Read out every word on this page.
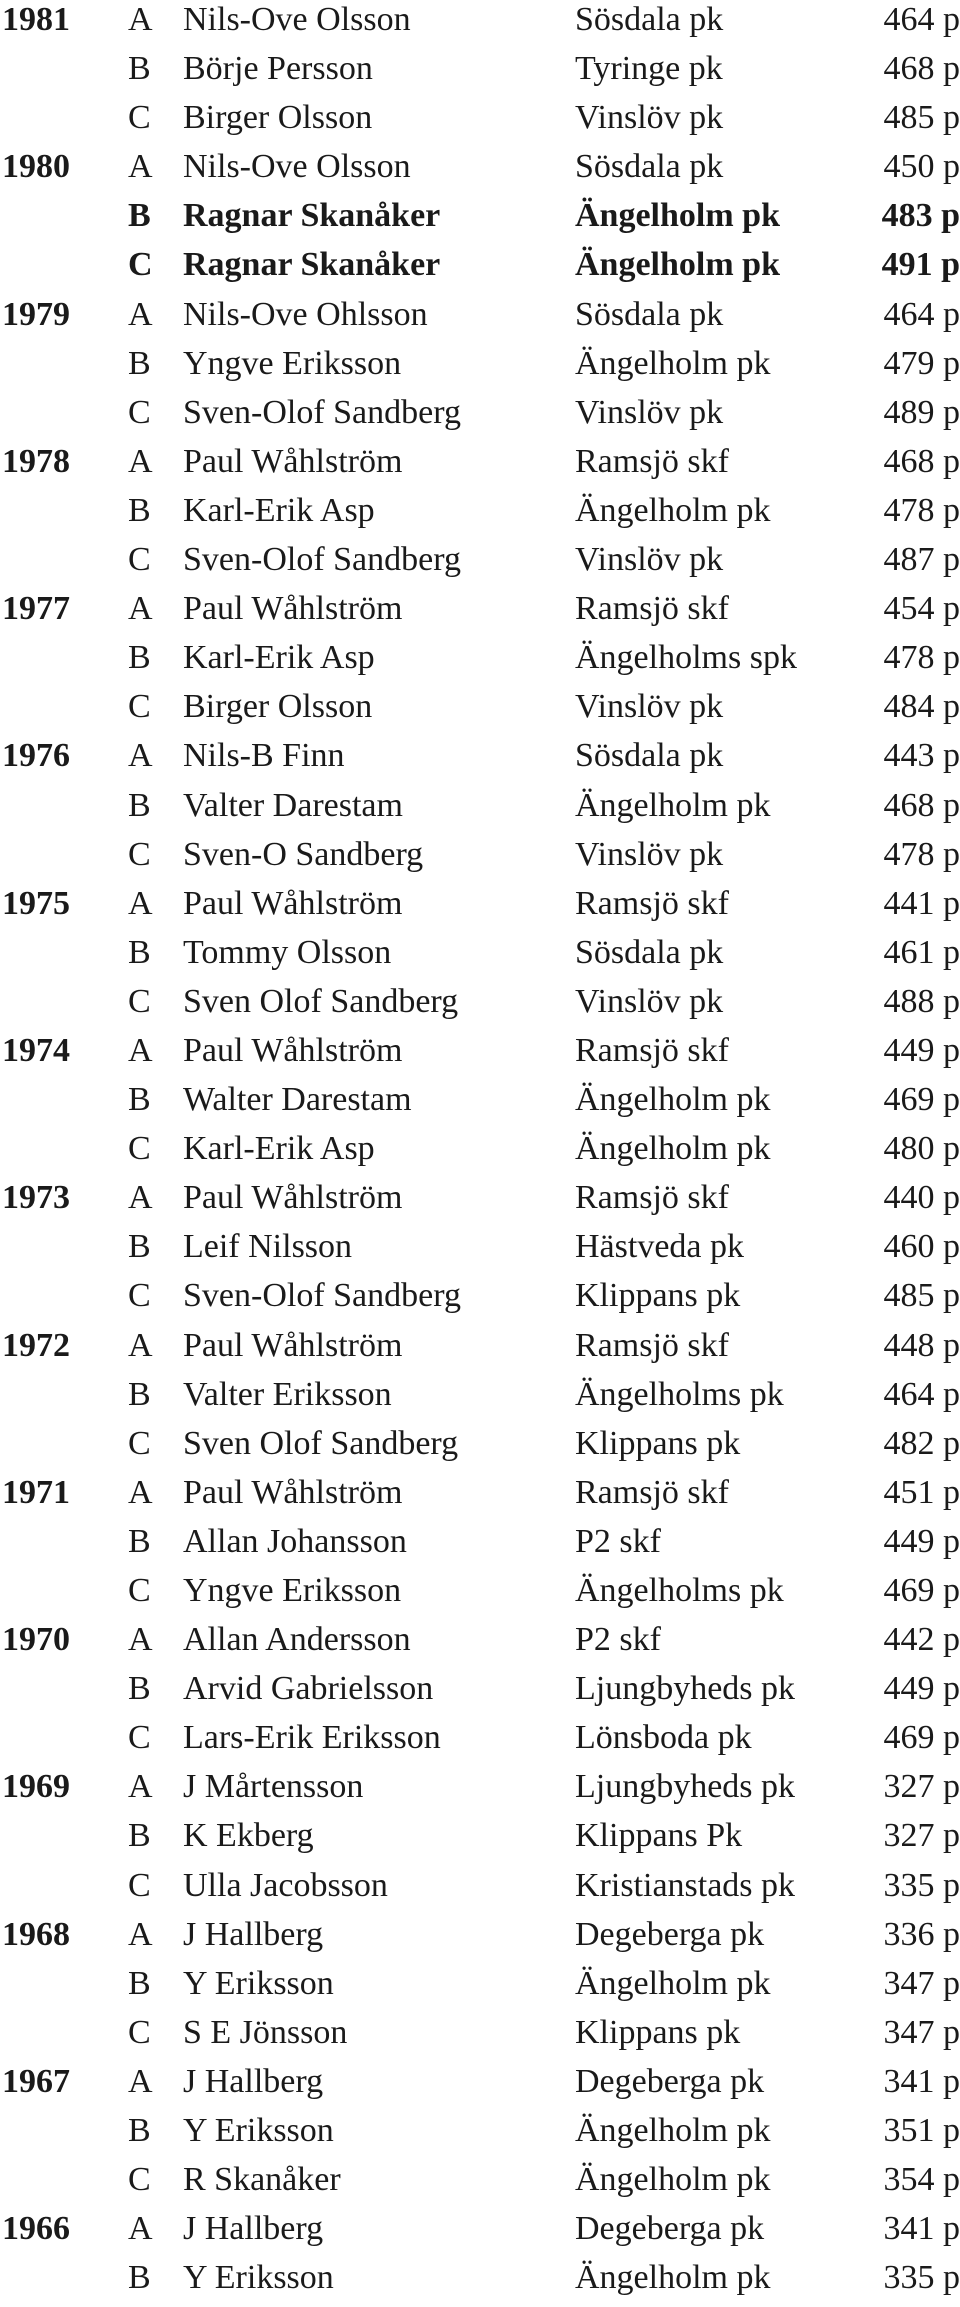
1981 A Nils-Ove Olsson	Sösdala pk	464 p
B Börje Persson	Tyringe pk	468 p
C Birger Olsson	Vinslöv pk	485 p
1980 A Nils-Ove Olsson	Sösdala pk	450 p
B Ragnar Skanåker	Ängelholm pk	483 p
C Ragnar Skanåker	Ängelholm pk	491 p
1979 A Nils-Ove Ohlsson	Sösdala pk	464 p
B Yngve Eriksson	Ängelholm pk	479 p
C Sven-Olof Sandberg	Vinslöv pk	489 p
1978 A Paul Wåhlström	Ramsjö skf	468 p
B Karl-Erik Asp	Ängelholm pk	478 p
C Sven-Olof Sandberg	Vinslöv pk	487 p
1977 A Paul Wåhlström	Ramsjö skf	454 p
B Karl-Erik Asp	Ängelholms spk	478 p
C Birger Olsson	Vinslöv pk	484 p
1976 A Nils-B Finn	Sösdala pk	443 p
B Valter Darestam	Ängelholm pk	468 p
C Sven-O Sandberg	Vinslöv pk	478 p
1975 A Paul Wåhlström	Ramsjö skf	441 p
B Tommy Olsson	Sösdala pk	461 p
C Sven Olof Sandberg	Vinslöv pk	488 p
1974 A Paul Wåhlström	Ramsjö skf	449 p
B Walter Darestam	Ängelholm pk	469 p
C Karl-Erik Asp	Ängelholm pk	480 p
1973 A Paul Wåhlström	Ramsjö skf	440 p
B Leif Nilsson	Hästveda pk	460 p
C Sven-Olof Sandberg	Klippans pk	485 p
1972 A Paul Wåhlström	Ramsjö skf	448 p
B Valter Eriksson	Ängelholms pk	464 p
C Sven Olof Sandberg	Klippans pk	482 p
1971 A Paul Wåhlström	Ramsjö skf	451 p
B Allan Johansson	P2 skf	449 p
C Yngve Eriksson	Ängelholms pk	469 p
1970 A Allan Andersson	P2 skf	442 p
B Arvid Gabrielsson	Ljungbyheds pk	449 p
C Lars-Erik Eriksson	Lönsboda pk	469 p
1969 A J Mårtensson	Ljungbyheds pk	327 p
B K Ekberg	Klippans Pk	327 p
C Ulla Jacobsson	Kristianstads pk	335 p
1968 A J Hallberg	Degeberga pk	336 p
B Y Eriksson	Ängelholm pk	347 p
C S E Jönsson	Klippans pk	347 p
1967 A J Hallberg	Degeberga pk	341 p
B Y Eriksson	Ängelholm pk	351 p
C R Skanåker	Ängelholm pk	354 p
1966 A J Hallberg	Degeberga pk	341 p
B Y Eriksson	Ängelholm pk	335 p
